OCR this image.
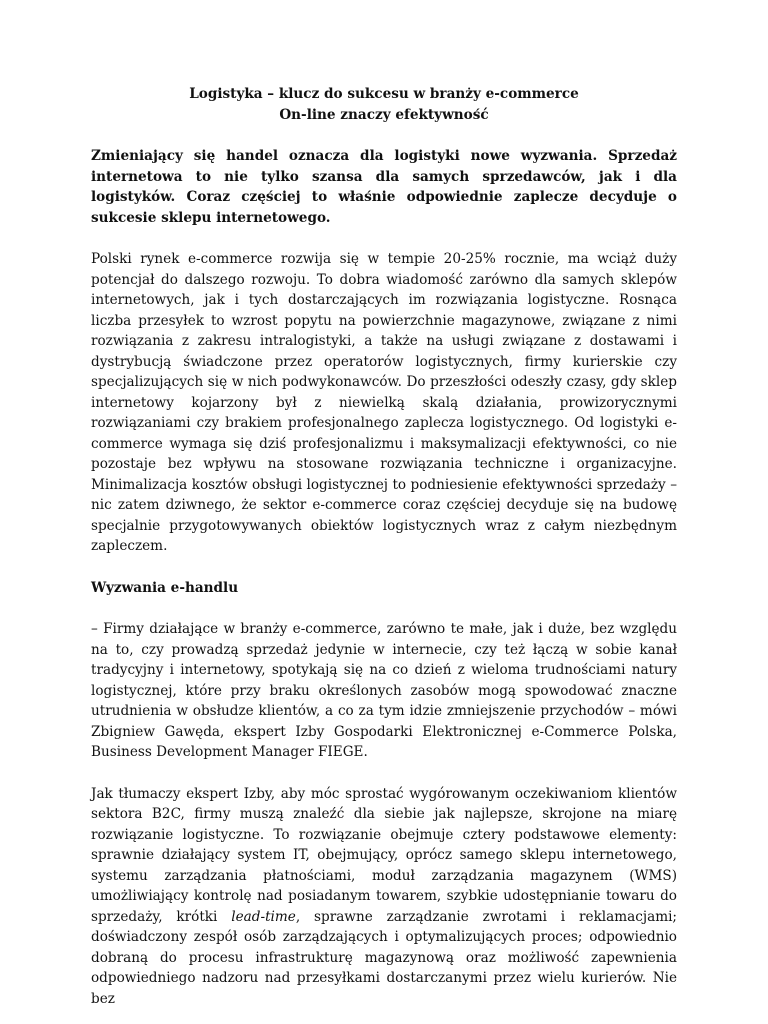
Logistyka – klucz do sukcesu w branży e-commerce
On-line znaczy efektywność

Zmieniający się handel oznacza dla logistyki nowe wyzwania. Sprzedaż internetowa to nie tylko szansa dla samych sprzedawców, jak i dla logistyków. Coraz częściej to właśnie odpowiednie zaplecze decyduje o sukcesie sklepu internetowego.

Polski rynek e-commerce rozwija się w tempie 20-25% rocznie, ma wciąż duży potencjał do dalszego rozwoju. To dobra wiadomość zarówno dla samych sklepów internetowych, jak i tych dostarczających im rozwiązania logistyczne. Rosnąca liczba przesyłek to wzrost popytu na powierzchnie magazynowe, związane z nimi rozwiązania z zakresu intralogistyki, a także na usługi związane z dostawami i dystrybucją świadczone przez operatorów logistycznych, firmy kurierskie czy specjalizujących się w nich podwykonawców. Do przeszłości odeszły czasy, gdy sklep internetowy kojarzony był z niewielką skalą działania, prowizorycznymi rozwiązaniami czy brakiem profesjonalnego zaplecza logistycznego. Od logistyki e-commerce wymaga się dziś profesjonalizmu i maksymalizacji efektywności, co nie pozostaje bez wpływu na stosowane rozwiązania techniczne i organizacyjne. Minimalizacja kosztów obsługi logistycznej to podniesienie efektywności sprzedaży – nic zatem dziwnego, że sektor e-commerce coraz częściej decyduje się na budowę specjalnie przygotowywanych obiektów logistycznych wraz z całym niezbędnym zapleczem.

Wyzwania e-handlu

– Firmy działające w branży e-commerce, zarówno te małe, jak i duże, bez względu na to, czy prowadzą sprzedaż jedynie w internecie, czy też łączą w sobie kanał tradycyjny i internetowy, spotykają się na co dzień z wieloma trudnościami natury logistycznej, które przy braku określonych zasobów mogą spowodować znaczne utrudnienia w obsłudze klientów, a co za tym idzie zmniejszenie przychodów – mówi Zbigniew Gawęda, ekspert Izby Gospodarki Elektronicznej e-Commerce Polska, Business Development Manager FIEGE.

Jak tłumaczy ekspert Izby, aby móc sprostać wygórowanym oczekiwaniom klientów sektora B2C, firmy muszą znaleźć dla siebie jak najlepsze, skrojone na miarę rozwiązanie logistyczne. To rozwiązanie obejmuje cztery podstawowe elementy: sprawnie działający system IT, obejmujący, oprócz samego sklepu internetowego, systemu zarządzania płatnościami, moduł zarządzania magazynem (WMS) umożliwiający kontrolę nad posiadanym towarem, szybkie udostępnianie towaru do sprzedaży, krótki lead-time, sprawne zarządzanie zwrotami i reklamacjami; doświadczony zespół osób zarządzających i optymalizujących proces; odpowiednio dobraną do procesu infrastrukturę magazynową oraz możliwość zapewnienia odpowiedniego nadzoru nad przesyłkami dostarczanymi przez wielu kurierów. Nie bez
